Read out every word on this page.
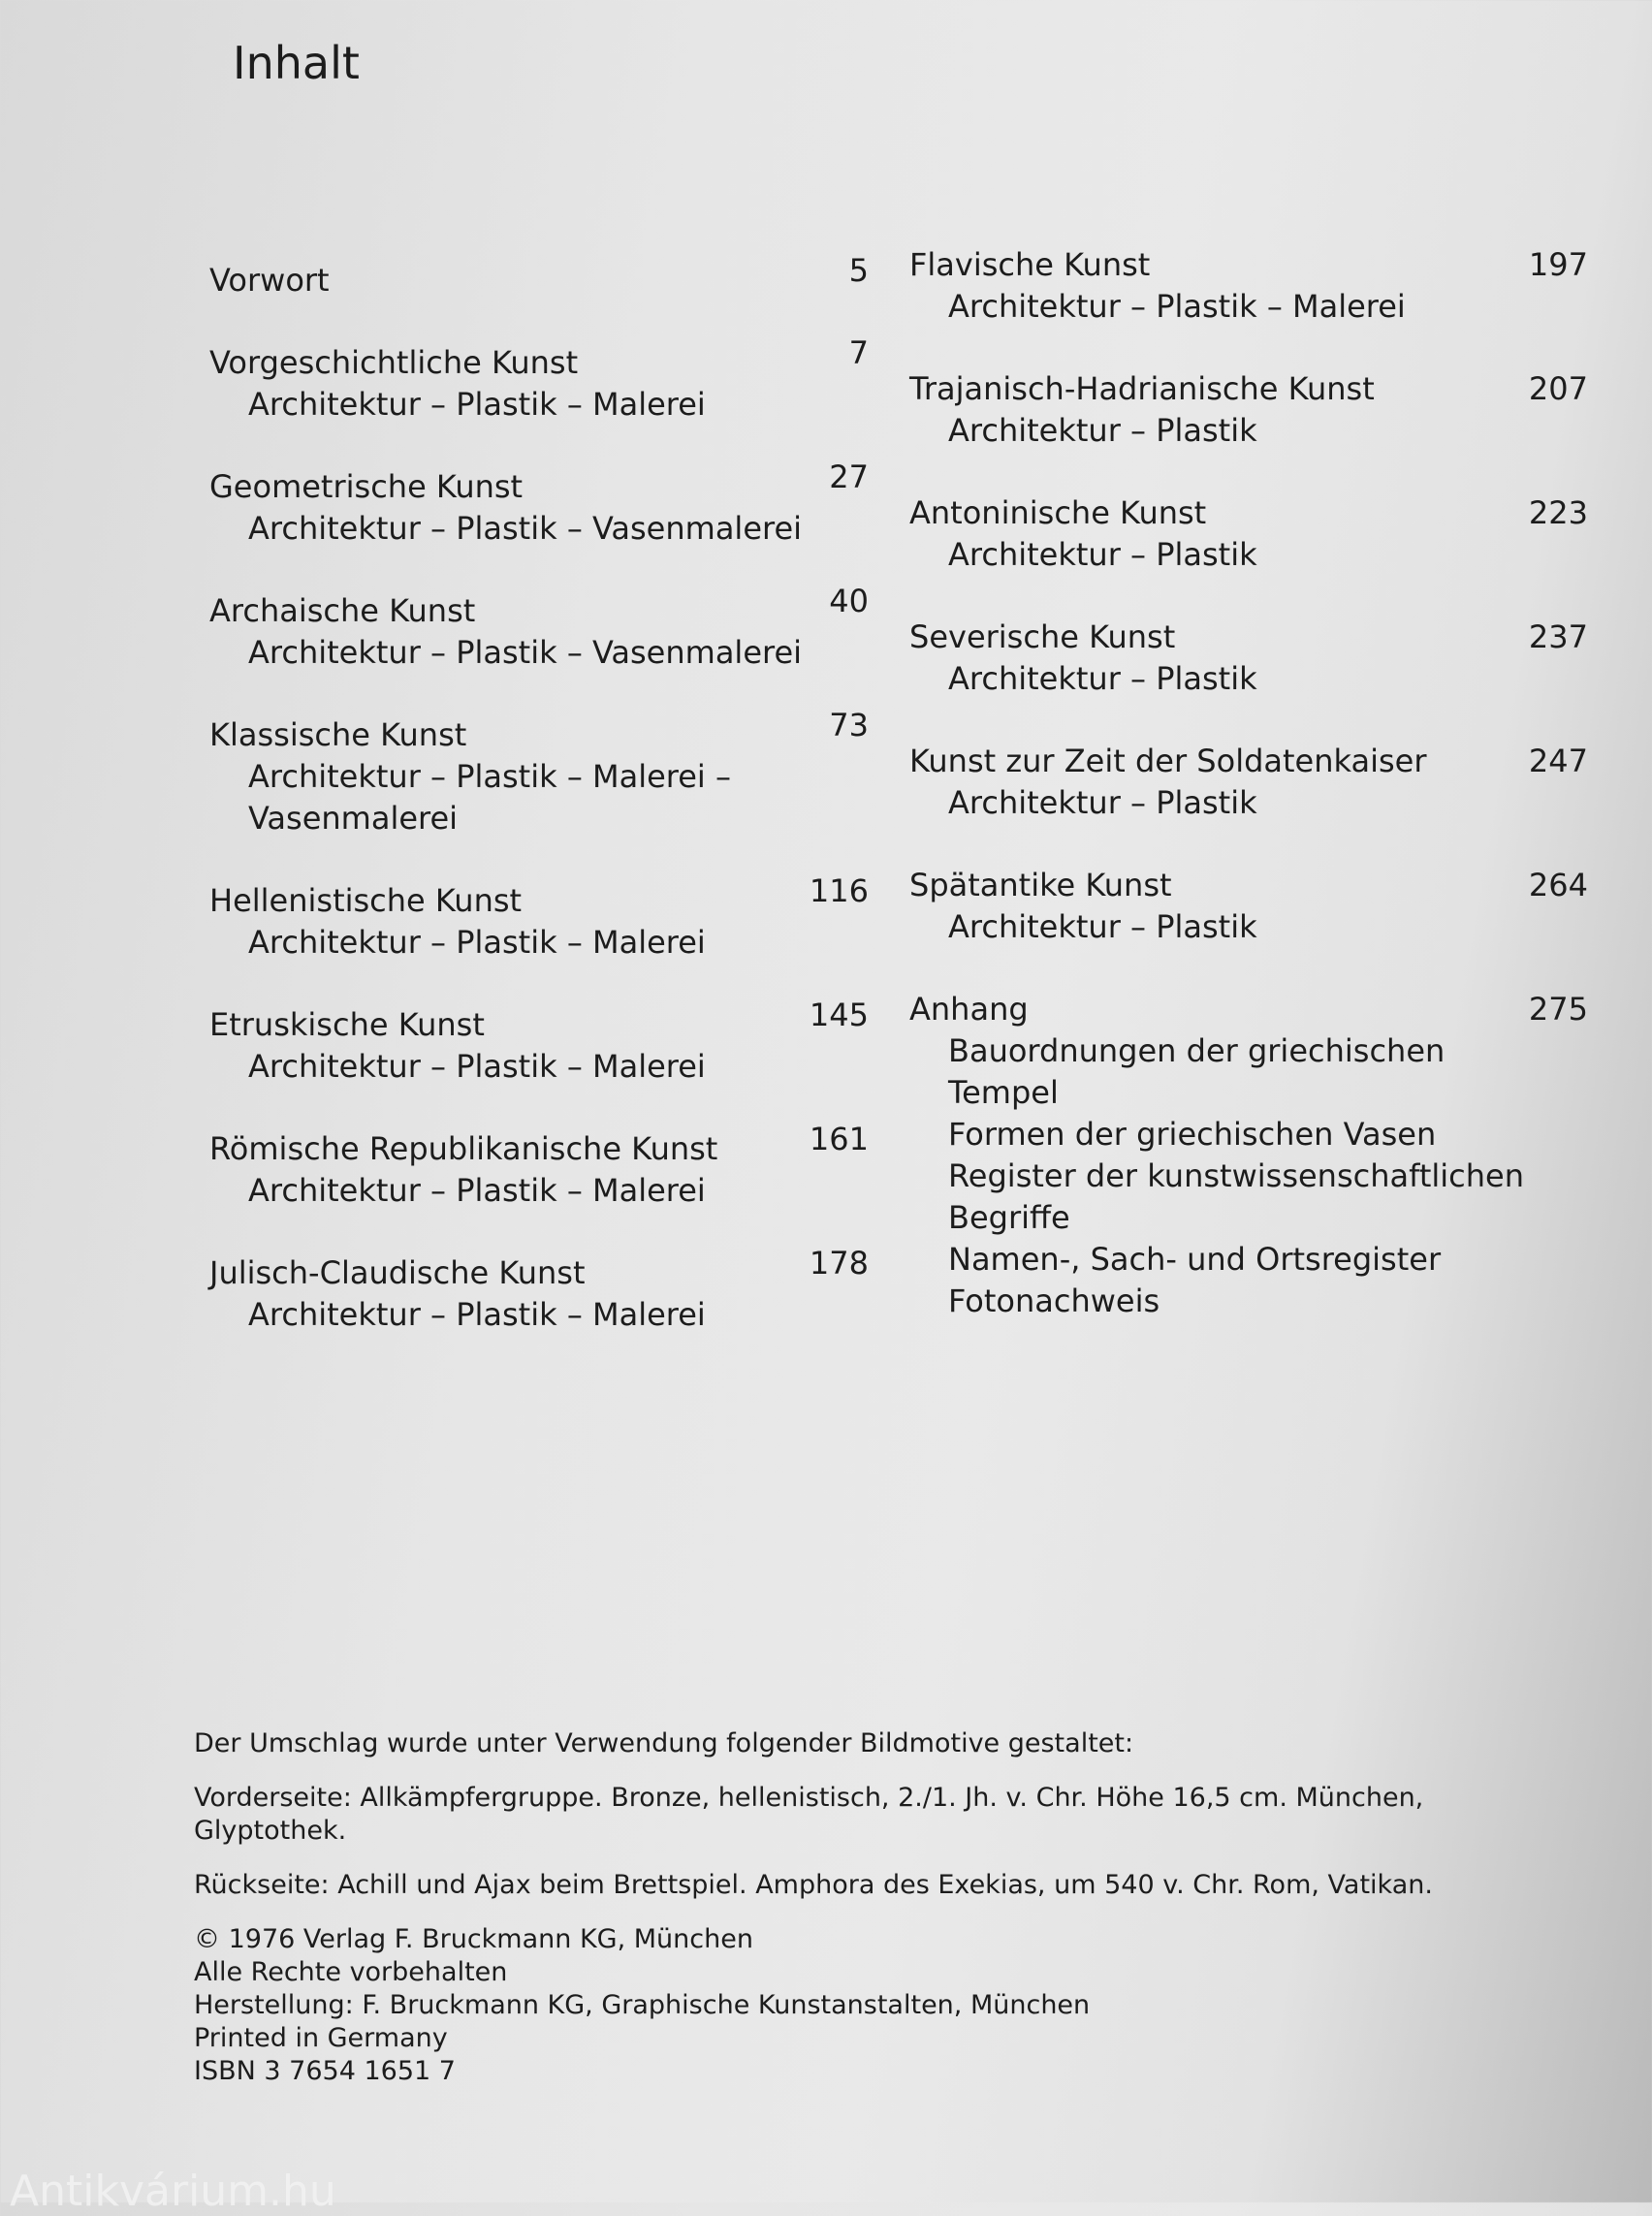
Inhalt
Vorwort	5
Vorgeschichtliche Kunst	7
Architektur – Plastik – Malerei
Geometrische Kunst	27
Architektur – Plastik – Vasenmalerei
Archaische Kunst	40
Architektur – Plastik – Vasenmalerei
Klassische Kunst	73
Architektur – Plastik – Malerei –
Vasenmalerei
Hellenistische Kunst	116
Architektur – Plastik – Malerei
Etruskische Kunst	145
Architektur – Plastik – Malerei
Römische Republikanische Kunst	161
Architektur – Plastik – Malerei
Julisch-Claudische Kunst	178
Architektur – Plastik – Malerei
Flavische Kunst	197
Architektur – Plastik – Malerei
Trajanisch-Hadrianische Kunst	207
Architektur – Plastik
Antoninische Kunst	223
Architektur – Plastik
Severische Kunst	237
Architektur – Plastik
Kunst zur Zeit der Soldatenkaiser	247
Architektur – Plastik
Spätantike Kunst	264
Architektur – Plastik
Anhang	275
Bauordnungen der griechischen
Tempel
Formen der griechischen Vasen
Register der kunstwissenschaftlichen
Begriffe
Namen-, Sach- und Ortsregister
Fotonachweis

Der Umschlag wurde unter Verwendung folgender Bildmotive gestaltet:

Vorderseite: Allkämpfergruppe. Bronze, hellenistisch, 2./1. Jh. v. Chr. Höhe 16,5 cm. München, Glyptothek.

Rückseite: Achill und Ajax beim Brettspiel. Amphora des Exekias, um 540 v. Chr. Rom, Vatikan.

© 1976 Verlag F. Bruckmann KG, München
Alle Rechte vorbehalten
Herstellung: F. Bruckmann KG, Graphische Kunstanstalten, München
Printed in Germany
ISBN 3 7654 1651 7
Antikvárium.hu
